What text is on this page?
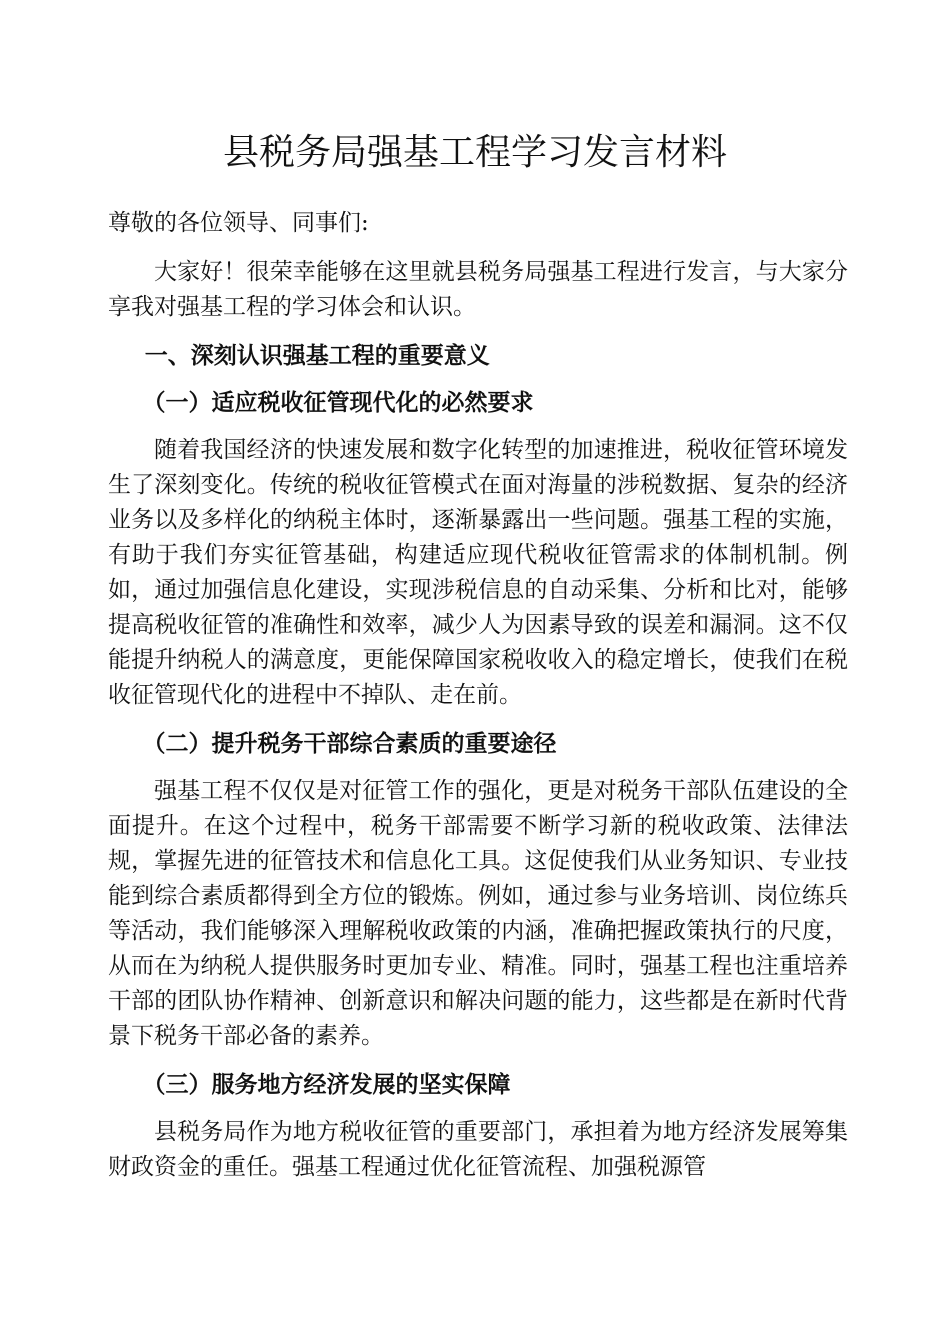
县税务局强基工程学习发言材料

尊敬的各位领导、同事们:

大家好！很荣幸能够在这里就县税务局强基工程进行发言，与大家分享我对强基工程的学习体会和认识。

一、深刻认识强基工程的重要意义

（一）适应税收征管现代化的必然要求

随着我国经济的快速发展和数字化转型的加速推进，税收征管环境发生了深刻变化。传统的税收征管模式在面对海量的涉税数据、复杂的经济业务以及多样化的纳税主体时，逐渐暴露出一些问题。强基工程的实施，有助于我们夯实征管基础，构建适应现代税收征管需求的体制机制。例如，通过加强信息化建设，实现涉税信息的自动采集、分析和比对，能够提高税收征管的准确性和效率，减少人为因素导致的误差和漏洞。这不仅能提升纳税人的满意度，更能保障国家税收收入的稳定增长，使我们在税收征管现代化的进程中不掉队、走在前。

（二）提升税务干部综合素质的重要途径

强基工程不仅仅是对征管工作的强化，更是对税务干部队伍建设的全面提升。在这个过程中，税务干部需要不断学习新的税收政策、法律法规，掌握先进的征管技术和信息化工具。这促使我们从业务知识、专业技能到综合素质都得到全方位的锻炼。例如，通过参与业务培训、岗位练兵等活动，我们能够深入理解税收政策的内涵，准确把握政策执行的尺度，从而在为纳税人提供服务时更加专业、精准。同时，强基工程也注重培养干部的团队协作精神、创新意识和解决问题的能力，这些都是在新时代背景下税务干部必备的素养。

（三）服务地方经济发展的坚实保障

县税务局作为地方税收征管的重要部门，承担着为地方经济发展筹集财政资金的重任。强基工程通过优化征管流程、加强税源管
